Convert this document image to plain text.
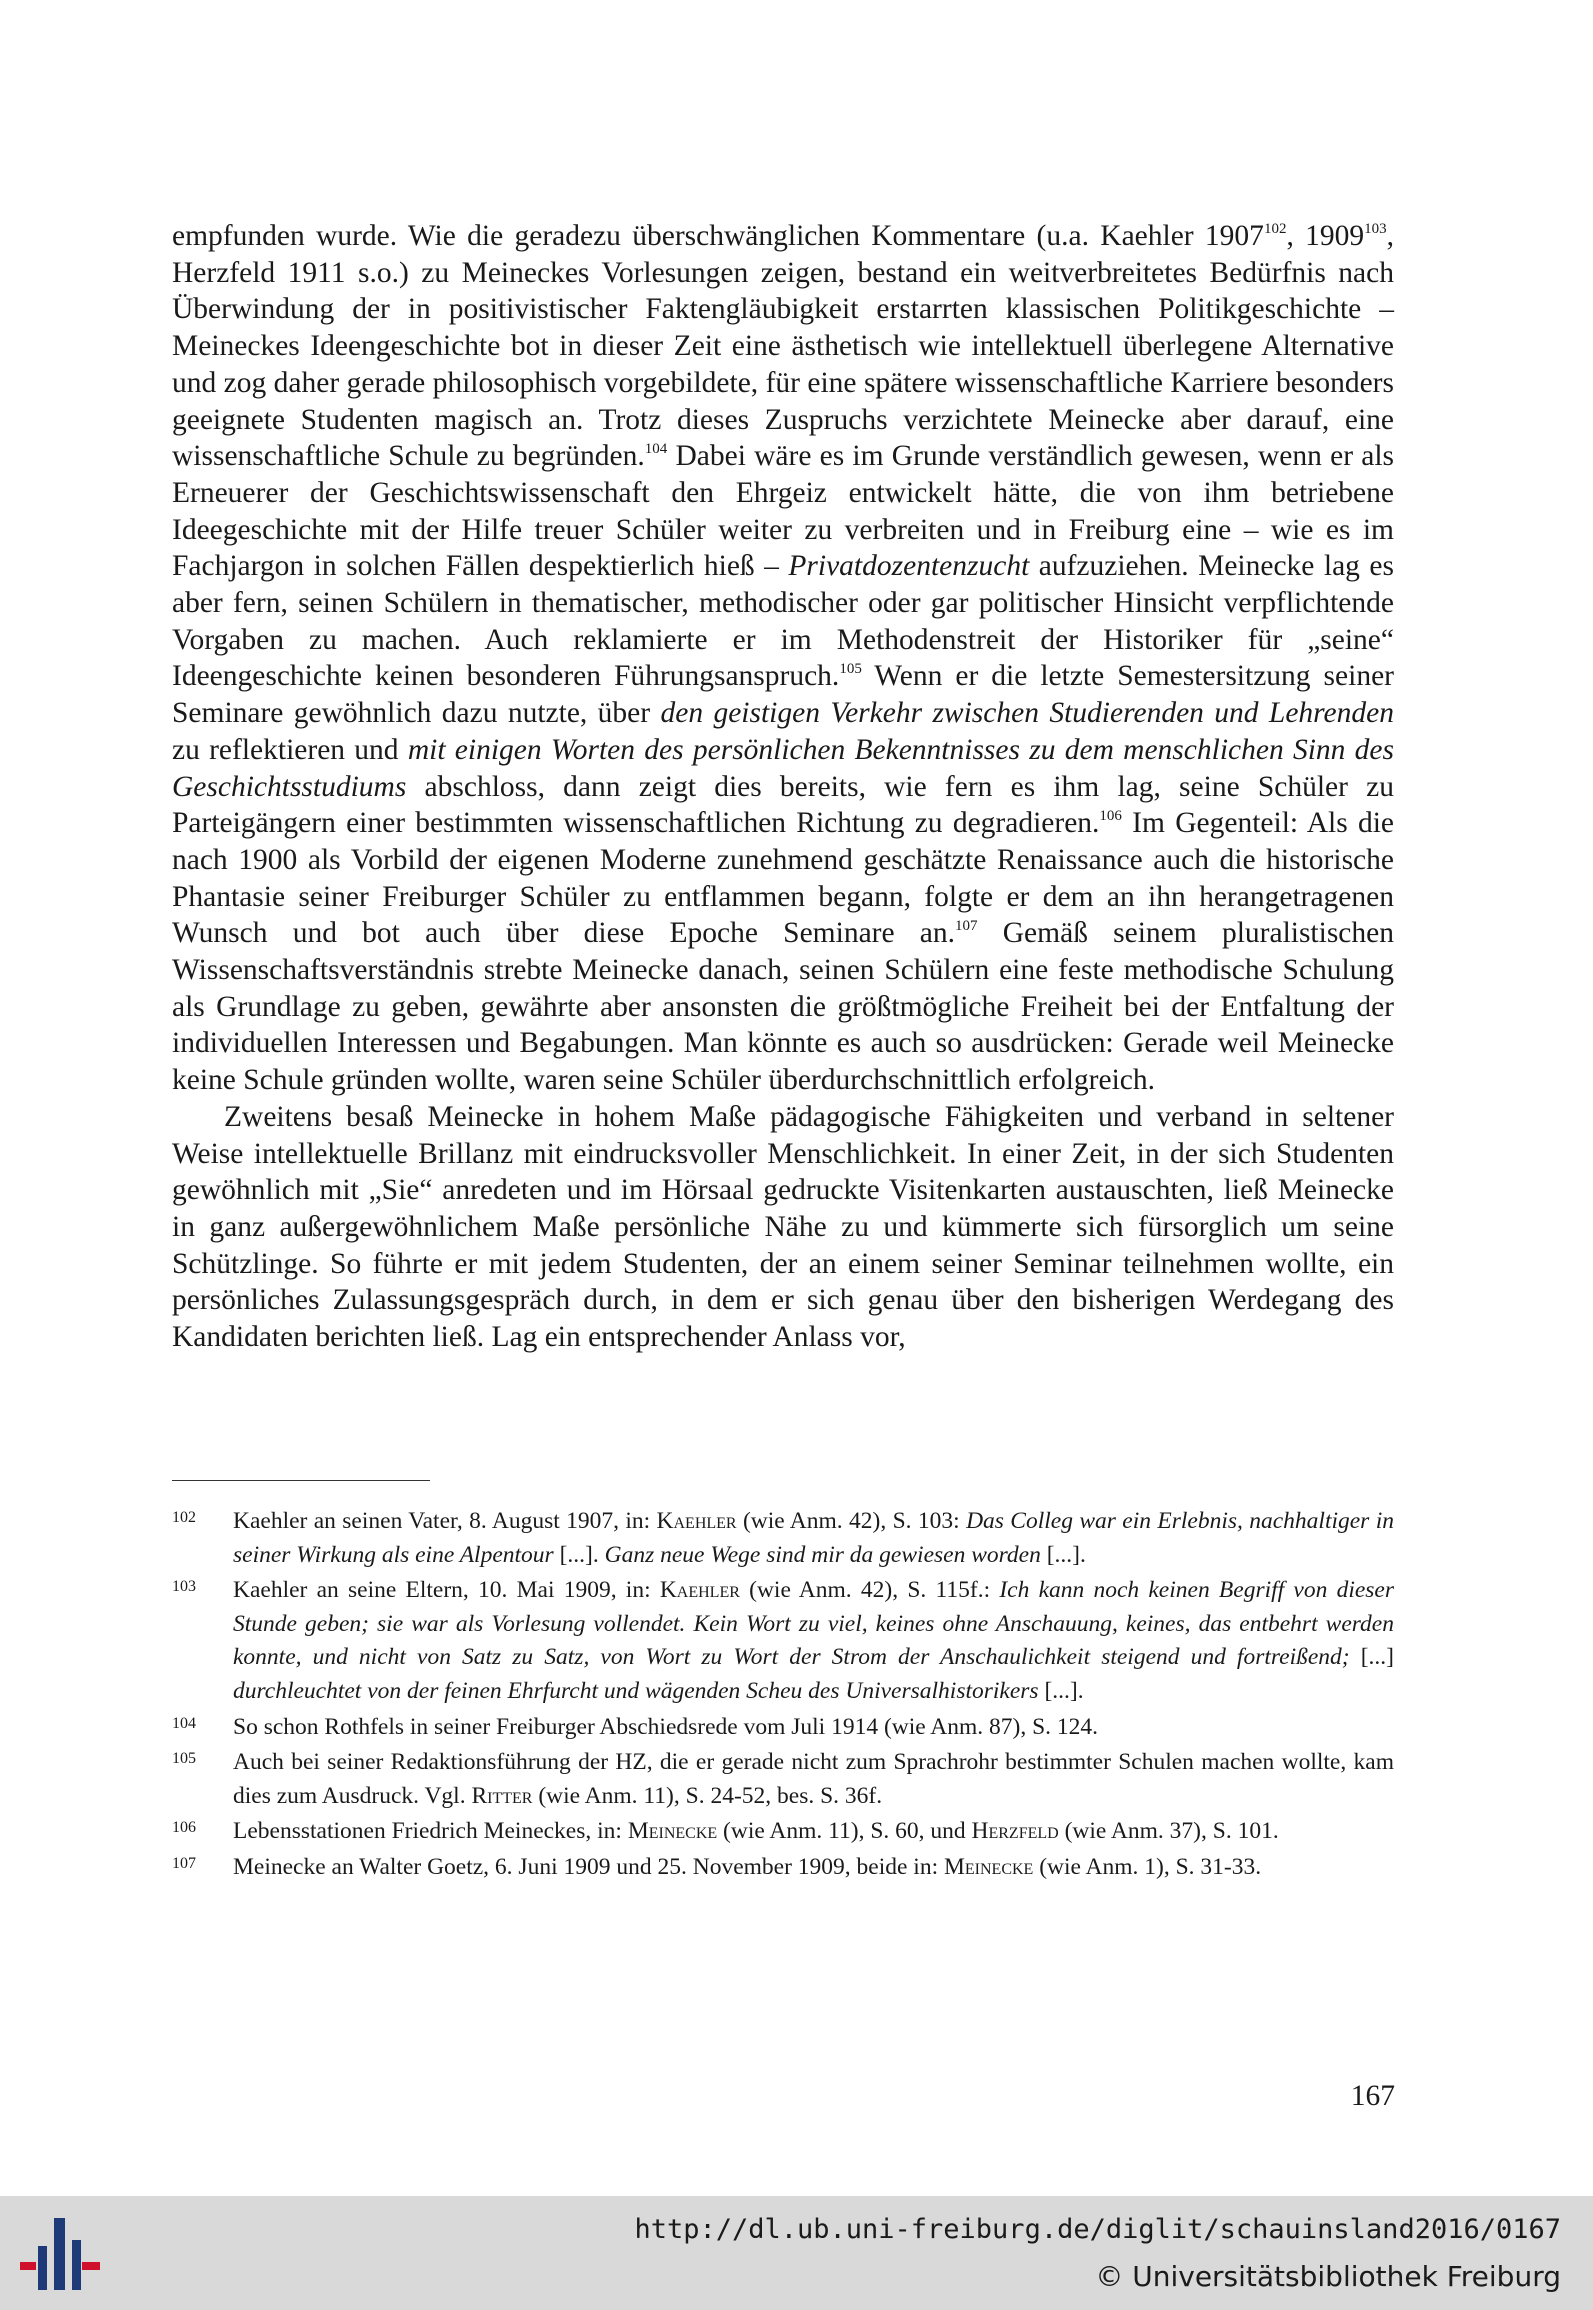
empfunden wurde. Wie die geradezu überschwänglichen Kommentare (u.a. Kaehler 1907$^{102}$, 1909$^{103}$, Herzfeld 1911 s.o.) zu Meineckes Vorlesungen zeigen, bestand ein weitverbreitetes Bedürfnis nach Überwindung der in positivistischer Faktengläubigkeit erstarrten klassischen Politikgeschichte – Meineckes Ideengeschichte bot in dieser Zeit eine ästhetisch wie intellektuell überlegene Alternative und zog daher gerade philosophisch vorgebildete, für eine spätere wissenschaftliche Karriere besonders geeignete Studenten magisch an. Trotz dieses Zuspruchs verzichtete Meinecke aber darauf, eine wissenschaftliche Schule zu begründen.$^{104}$ Dabei wäre es im Grunde verständlich gewesen, wenn er als Erneuerer der Geschichtswissenschaft den Ehrgeiz entwickelt hätte, die von ihm betriebene Ideegeschichte mit der Hilfe treuer Schüler weiter zu verbreiten und in Freiburg eine – wie es im Fachjargon in solchen Fällen despektierlich hieß – Privatdozentenzucht aufzuziehen. Meinecke lag es aber fern, seinen Schülern in thematischer, methodischer oder gar politischer Hinsicht verpflichtende Vorgaben zu machen. Auch reklamierte er im Methodenstreit der Historiker für „seine“ Ideengeschichte keinen besonderen Führungsanspruch.$^{105}$ Wenn er die letzte Semestersitzung seiner Seminare gewöhnlich dazu nutzte, über den geistigen Verkehr zwischen Studierenden und Lehrenden zu reflektieren und mit einigen Worten des persönlichen Bekenntnisses zu dem menschlichen Sinn des Geschichtsstudiums abschloss, dann zeigt dies bereits, wie fern es ihm lag, seine Schüler zu Parteigängern einer bestimmten wissenschaftlichen Richtung zu degradieren.$^{106}$ Im Gegenteil: Als die nach 1900 als Vorbild der eigenen Moderne zunehmend geschätzte Renaissance auch die historische Phantasie seiner Freiburger Schüler zu entflammen begann, folgte er dem an ihn herangetragenen Wunsch und bot auch über diese Epoche Seminare an.$^{107}$ Gemäß seinem pluralistischen Wissenschaftsverständnis strebte Meinecke danach, seinen Schülern eine feste methodische Schulung als Grundlage zu geben, gewährte aber ansonsten die größtmögliche Freiheit bei der Entfaltung der individuellen Interessen und Begabungen. Man könnte es auch so ausdrücken: Gerade weil Meinecke keine Schule gründen wollte, waren seine Schüler überdurchschnittlich erfolgreich.

Zweitens besaß Meinecke in hohem Maße pädagogische Fähigkeiten und verband in seltener Weise intellektuelle Brillanz mit eindrucksvoller Menschlichkeit. In einer Zeit, in der sich Studenten gewöhnlich mit „Sie“ anredeten und im Hörsaal gedruckte Visitenkarten austauschten, ließ Meinecke in ganz außergewöhnlichem Maße persönliche Nähe zu und kümmerte sich fürsorglich um seine Schützlinge. So führte er mit jedem Studenten, der an einem seiner Seminar teilnehmen wollte, ein persönliches Zulassungsgespräch durch, in dem er sich genau über den bisherigen Werdegang des Kandidaten berichten ließ. Lag ein entsprechender Anlass vor,

102 Kaehler an seinen Vater, 8. August 1907, in: Kaehler (wie Anm. 42), S. 103: Das Colleg war ein Erlebnis, nachhaltiger in seiner Wirkung als eine Alpentour [...]. Ganz neue Wege sind mir da gewiesen worden [...].
103 Kaehler an seine Eltern, 10. Mai 1909, in: Kaehler (wie Anm. 42), S. 115f.: Ich kann noch keinen Begriff von dieser Stunde geben; sie war als Vorlesung vollendet. Kein Wort zu viel, keines ohne Anschauung, keines, das entbehrt werden konnte, und nicht von Satz zu Satz, von Wort zu Wort der Strom der Anschaulichkeit steigend und fortreißend; [...] durchleuchtet von der feinen Ehrfurcht und wägenden Scheu des Universalhistorikers [...].
104 So schon Rothfels in seiner Freiburger Abschiedsrede vom Juli 1914 (wie Anm. 87), S. 124.
105 Auch bei seiner Redaktionsführung der HZ, die er gerade nicht zum Sprachrohr bestimmter Schulen machen wollte, kam dies zum Ausdruck. Vgl. Ritter (wie Anm. 11), S. 24-52, bes. S. 36f.
106 Lebensstationen Friedrich Meineckes, in: Meinecke (wie Anm. 11), S. 60, und Herzfeld (wie Anm. 37), S. 101.
107 Meinecke an Walter Goetz, 6. Juni 1909 und 25. November 1909, beide in: Meinecke (wie Anm. 1), S. 31-33.
167
http://dl.ub.uni-freiburg.de/diglit/schauinsland2016/0167
© Universitätsbibliothek Freiburg
